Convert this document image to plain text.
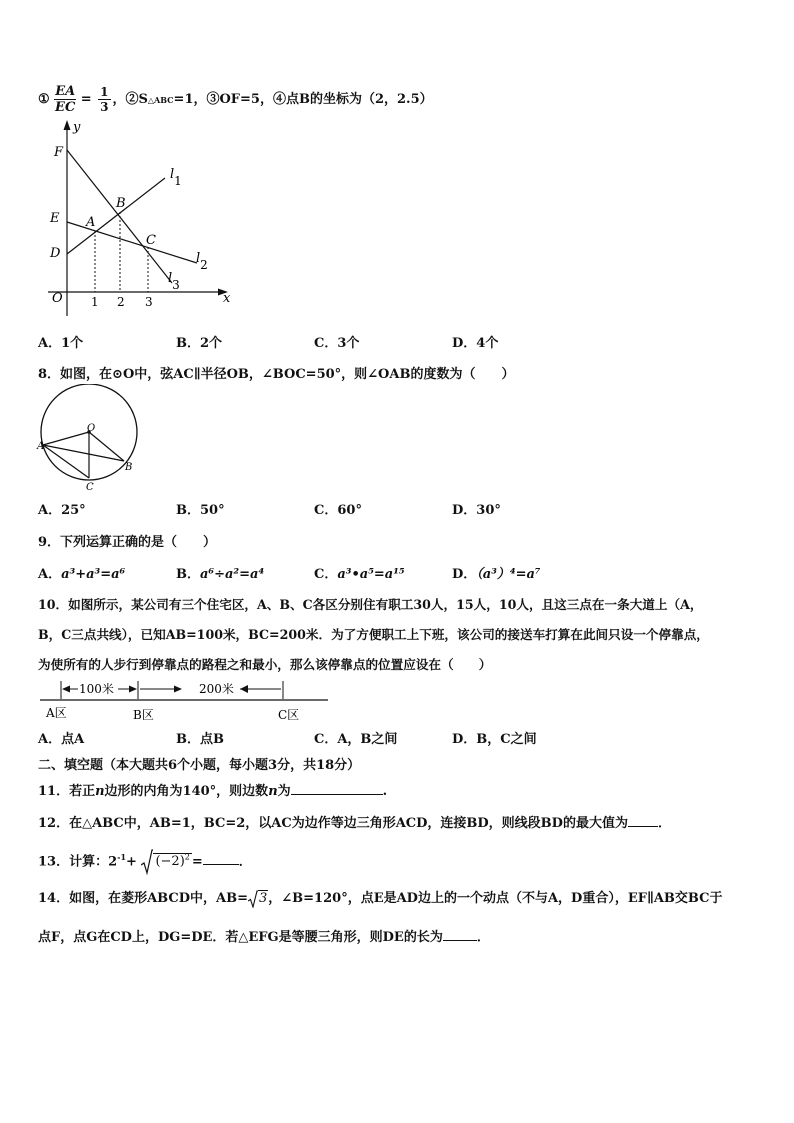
① $\frac{EA}{EC} = \frac{1}{3}$ ，②S△ABC=1，③OF=5，④点B的坐标为（2，2.5）
y
x
O
F
E
D
A
B
C
l1
l2
l3
1 2 3
A．1个	B．2个	C．3个	D．4个
8．如图，在⊙O中，弦AC∥半径OB，∠BOC=50°，则∠OAB的度数为（　　）
O
A
B
C
A．25°	B．50°	C．60°	D．30°
9．下列运算正确的是（　　）
A．a³+a³=a⁶	B．a⁶÷a²=a⁴	C．a³•a⁵=a¹⁵	D．（a³）⁴=a⁷
10．如图所示，某公司有三个住宅区，A、B、C各区分别住有职工30人，15人，10人，且这三点在一条大道上（A，
B，C三点共线），已知AB=100米，BC=200米．为了方便职工上下班，该公司的接送车打算在此间只设一个停靠点，
为使所有的人步行到停靠点的路程之和最小，那么该停靠点的位置应设在（　　）
100米	200米
A区	B区	C区
A．点A	B．点B	C．A，B之间	D．B，C之间
二、填空题（本大题共6个小题，每小题3分，共18分）
11．若正n边形的内角为140°，则边数n为	.
12．在△ABC中，AB=1，BC=2，以AC为边作等边三角形ACD，连接BD，则线段BD的最大值为 ．
13．计算：$2^{-1}+ (-2)^2$ =	．
14．如图，在菱形ABCD中，AB= 3，∠B=120°，点E是AD边上的一个动点（不与A，D重合），EF∥AB交BC于
点F，点G在CD上，DG=DE．若△EFG是等腰三角形，则DE的长为	．
